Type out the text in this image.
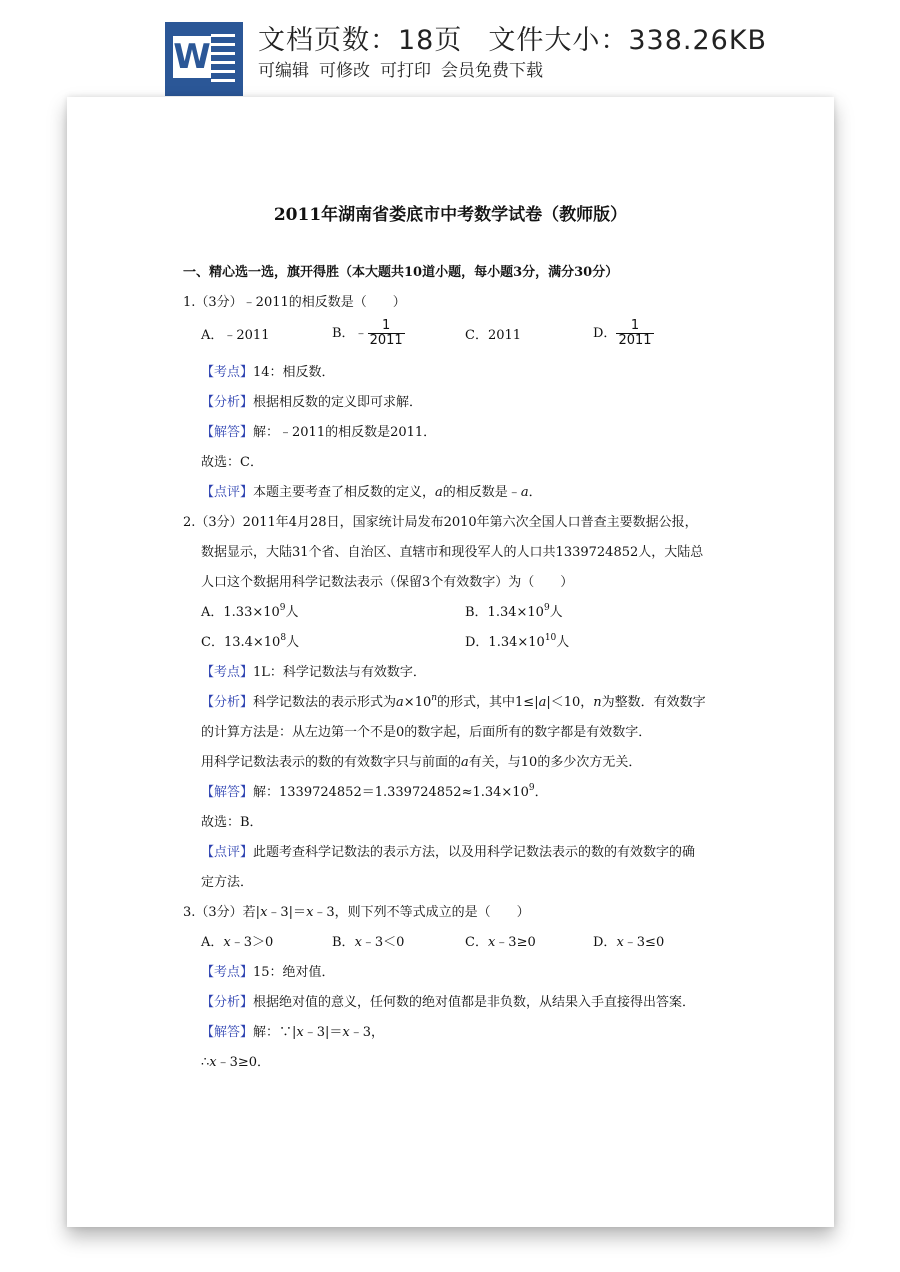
W 文档页数：18页 文件大小：338.26KB
可编辑 可修改 可打印 会员免费下载
2011年湖南省娄底市中考数学试卷（教师版）
一、精心选一选，旗开得胜（本大题共10道小题，每小题3分，满分30分）
1.（3分）﹣2011的相反数是（　　）
A．﹣2011	B．﹣ $\frac{1}{2011}$	C．2011	D． $\frac{1}{2011}$
【考点】14：相反数．
【分析】根据相反数的定义即可求解．
【解答】解：﹣2011的相反数是2011．
故选：C．
【点评】本题主要考查了相反数的定义，a的相反数是﹣a．
2.（3分）2011年4月28日，国家统计局发布2010年第六次全国人口普查主要数据公报，
数据显示，大陆31个省、自治区、直辖市和现役军人的人口共1339724852人，大陆总
人口这个数据用科学记数法表示（保留3个有效数字）为（　　）
A．$1.33\times 10^9$人	B．$1.34\times 10^9$人
C．$13.4\times 10^8$人	D．$1.34\times 10^{10}$人
【考点】1L：科学记数法与有效数字．
【分析】科学记数法的表示形式为$a\times 10^n$的形式，其中1≤|a|＜10，n为整数．有效数字
的计算方法是：从左边第一个不是0的数字起，后面所有的数字都是有效数字．
用科学记数法表示的数的有效数字只与前面的a有关，与10的多少次方无关．
【解答】解：$1339724852=1.339724852\approx 1.34\times 10^9$．
故选：B．
【点评】此题考查科学记数法的表示方法，以及用科学记数法表示的数的有效数字的确
定方法．
3.（3分）若|x﹣3|＝x﹣3，则下列不等式成立的是（　　）
A．x﹣3＞0	B．x﹣3＜0	C．x﹣3≥0	D．x﹣3≤0
【考点】15：绝对值．
【分析】根据绝对值的意义，任何数的绝对值都是非负数，从结果入手直接得出答案．
【解答】解：∵|x﹣3|＝x﹣3，
∴x﹣3≥0．
